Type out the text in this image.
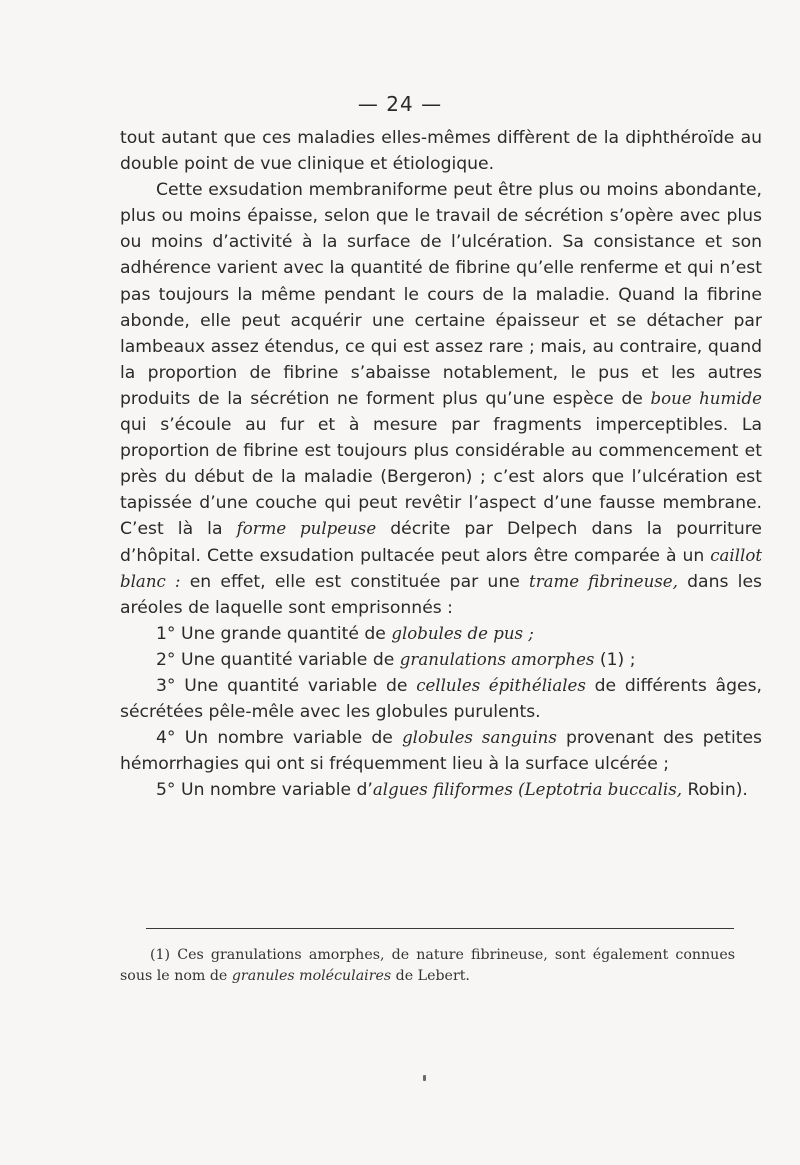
— 24 —

tout autant que ces maladies elles-mêmes diffèrent de la diphthéroïde au double point de vue clinique et étiologique.

Cette exsudation membraniforme peut être plus ou moins abondante, plus ou moins épaisse, selon que le travail de sécrétion s’opère avec plus ou moins d’activité à la surface de l’ulcération. Sa consistance et son adhérence varient avec la quantité de fibrine qu’elle renferme et qui n’est pas toujours la même pendant le cours de la maladie. Quand la fibrine abonde, elle peut acquérir une certaine épaisseur et se détacher par lambeaux assez étendus, ce qui est assez rare ; mais, au contraire, quand la proportion de fibrine s’abaisse notablement, le pus et les autres produits de la sécrétion ne forment plus qu’une espèce de boue humide qui s’écoule au fur et à mesure par fragments imperceptibles. La proportion de fibrine est toujours plus considérable au commencement et près du début de la maladie (Bergeron) ; c’est alors que l’ulcération est tapissée d’une couche qui peut revêtir l’aspect d’une fausse membrane. C’est là la forme pulpeuse décrite par Delpech dans la pourriture d’hôpital. Cette exsudation pultacée peut alors être comparée à un caillot blanc : en effet, elle est constituée par une trame fibrineuse, dans les aréoles de laquelle sont emprisonnés :

1° Une grande quantité de globules de pus ;

2° Une quantité variable de granulations amorphes (1) ;

3° Une quantité variable de cellules épithéliales de différents âges, sécrétées pêle-mêle avec les globules purulents.

4° Un nombre variable de globules sanguins provenant des petites hémorrhagies qui ont si fréquemment lieu à la surface ulcérée ;

5° Un nombre variable d’algues filiformes (Leptotria buccalis, Robin).

(1) Ces granulations amorphes, de nature fibrineuse, sont également connues sous le nom de granules moléculaires de Lebert.
